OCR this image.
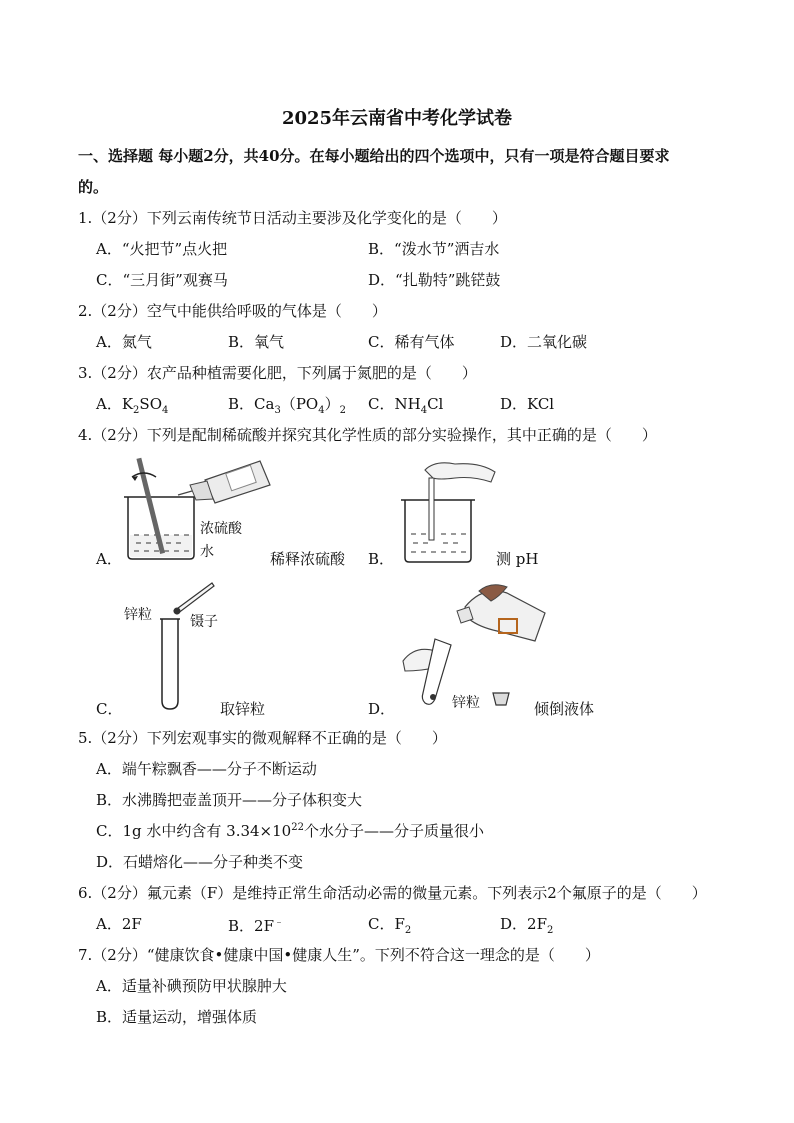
2025年云南省中考化学试卷
一、选择题 每小题2分，共40分。在每小题给出的四个选项中，只有一项是符合题目要求
的。
1.（2分）下列云南传统节日活动主要涉及化学变化的是（　　）
A．“火把节”点火把	B．“泼水节”洒吉水
C．“三月街”观赛马	D．“扎勒特”跳铓鼓
2.（2分）空气中能供给呼吸的气体是（　　）
A．氮气	B．氧气	C．稀有气体	D．二氧化碳
3.（2分）农产品种植需要化肥，下列属于氮肥的是（　　）
A．$K_2SO_4$	B．$Ca_3(PO_4)_2$ C．$NH_4Cl$	D．KCl
4.（2分）下列是配制稀硫酸并探究其化学性质的部分实验操作，其中正确的是（　　）
浓硫酸
水
A．	稀释浓硫酸 B．	测 pH
锌粒	镊子
C．	取锌粒	锌粒
D．	倾倒液体
5.（2分）下列宏观事实的微观解释不正确的是（　　）
A．端午粽飘香——分子不断运动
B．水沸腾把壶盖顶开——分子体积变大
C．1g 水中约含有 $3.34\times 10^{22}$个水分子——分子质量很小
D．石蜡熔化——分子种类不变
6.（2分）氟元素（F）是维持正常生命活动必需的微量元素。下列表示2个氟原子的是（　　）
A．2F	B．2F﹣	C．$F_2$	D．$2F_2$
7.（2分）“健康饮食•健康中国•健康人生”。下列不符合这一理念的是（　　）
A．适量补碘预防甲状腺肿大
B．适量运动，增强体质
